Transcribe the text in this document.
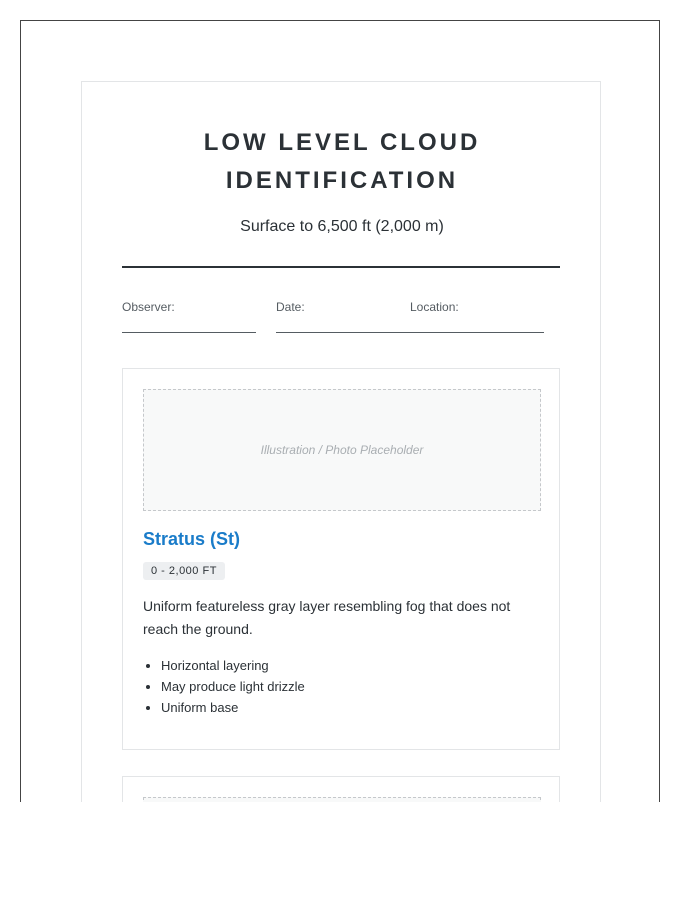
LOW LEVEL CLOUD
IDENTIFICATION
Surface to 6,500 ft (2,000 m)
Observer:	Date:	Location:
Illustration / Photo Placeholder
Stratus (St)
0 - 2,000 FT
Uniform featureless gray layer resembling fog that does not reach the ground.
• Horizontal layering
• May produce light drizzle
• Uniform base
